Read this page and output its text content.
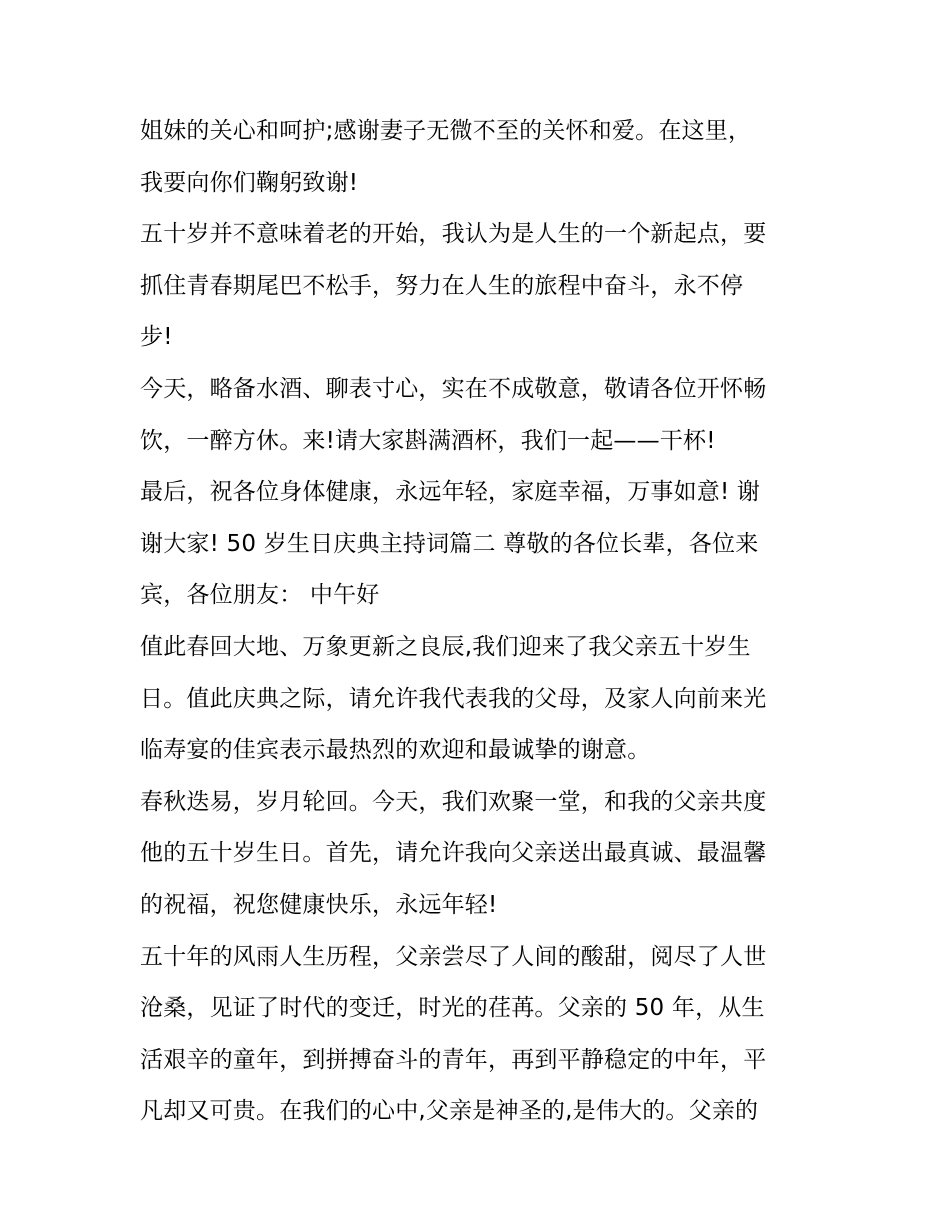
姐妹的关心和呵护;感谢妻子无微不至的关怀和爱。在这里，
我要向你们鞠躬致谢!
五十岁并不意味着老的开始，我认为是人生的一个新起点，要
抓住青春期尾巴不松手，努力在人生的旅程中奋斗，永不停
步!
今天，略备水酒、聊表寸心，实在不成敬意，敬请各位开怀畅
饮，一醉方休。来!请大家斟满酒杯，我们一起——干杯!
最后，祝各位身体健康，永远年轻，家庭幸福，万事如意! 谢
谢大家! 50 岁生日庆典主持词篇二 尊敬的各位长辈，各位来
宾，各位朋友： 中午好
值此春回大地、万象更新之良辰,我们迎来了我父亲五十岁生
日。值此庆典之际，请允许我代表我的父母，及家人向前来光
临寿宴的佳宾表示最热烈的欢迎和最诚挚的谢意。
春秋迭易，岁月轮回。今天，我们欢聚一堂，和我的父亲共度
他的五十岁生日。首先，请允许我向父亲送出最真诚、最温馨
的祝福，祝您健康快乐，永远年轻!
五十年的风雨人生历程，父亲尝尽了人间的酸甜，阅尽了人世
沧桑，见证了时代的变迁，时光的荏苒。父亲的 50 年，从生
活艰辛的童年，到拼搏奋斗的青年，再到平静稳定的中年，平
凡却又可贵。在我们的心中,父亲是神圣的,是伟大的。父亲的
